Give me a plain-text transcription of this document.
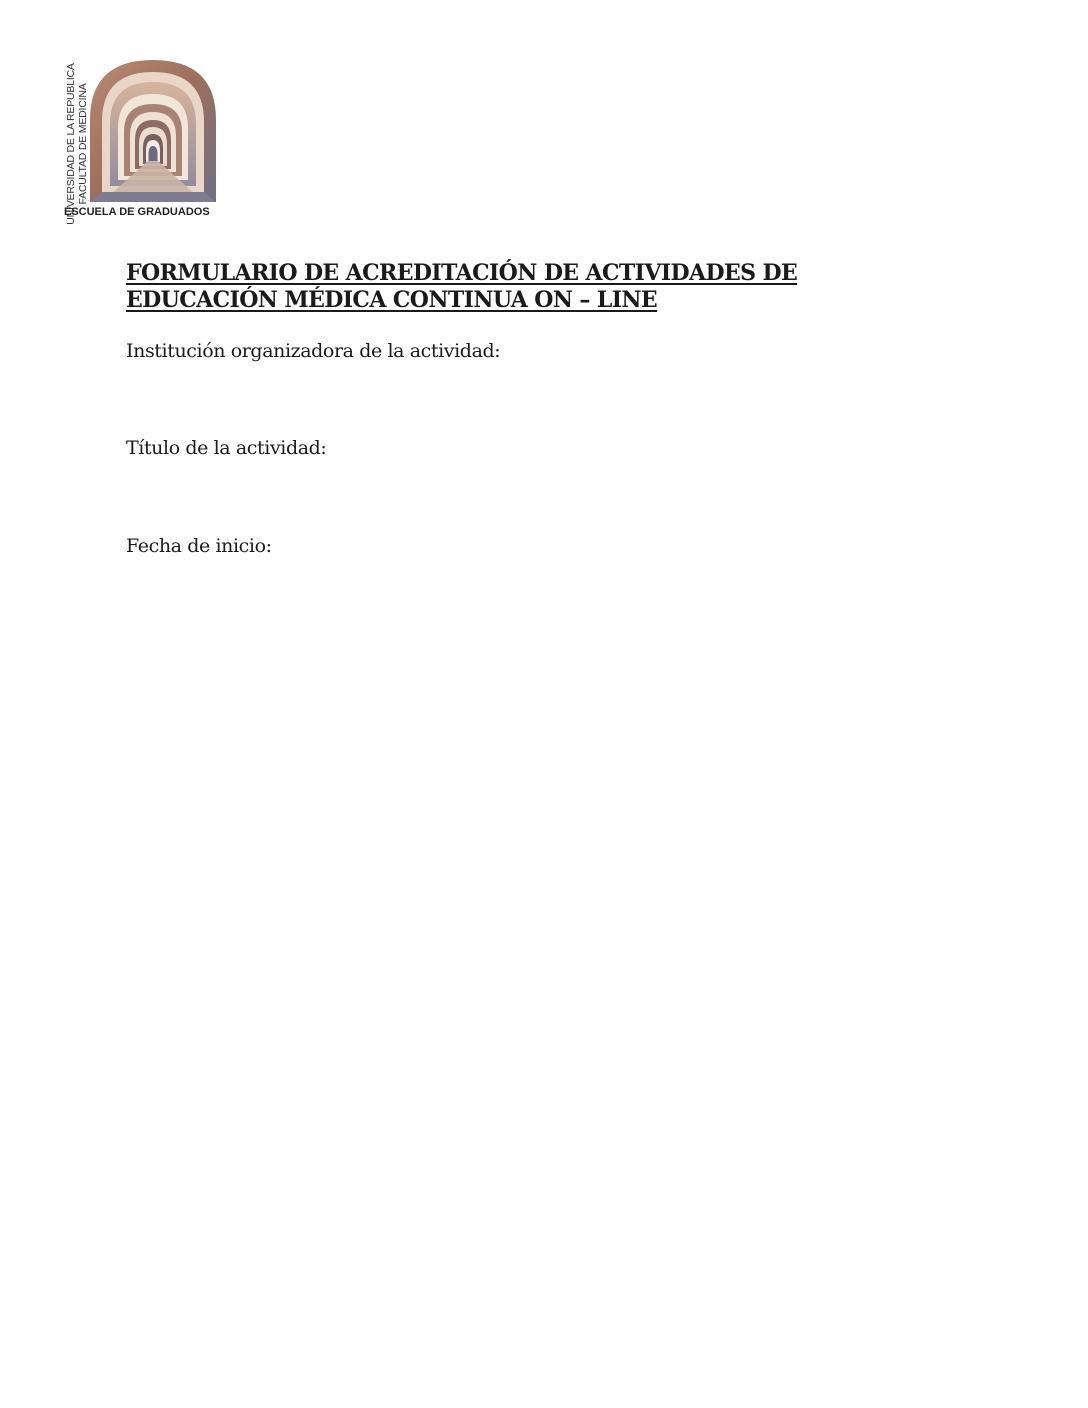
UNIVERSIDAD DE LA REPUBLICA FACULTAD DE MEDICINA
ESCUELA DE GRADUADOS
FORMULARIO DE ACREDITACIÓN DE ACTIVIDADES DE
EDUCACIÓN MÉDICA CONTINUA ON – LINE
Institución organizadora de la actividad:
Título de la actividad:
Fecha de inicio:
